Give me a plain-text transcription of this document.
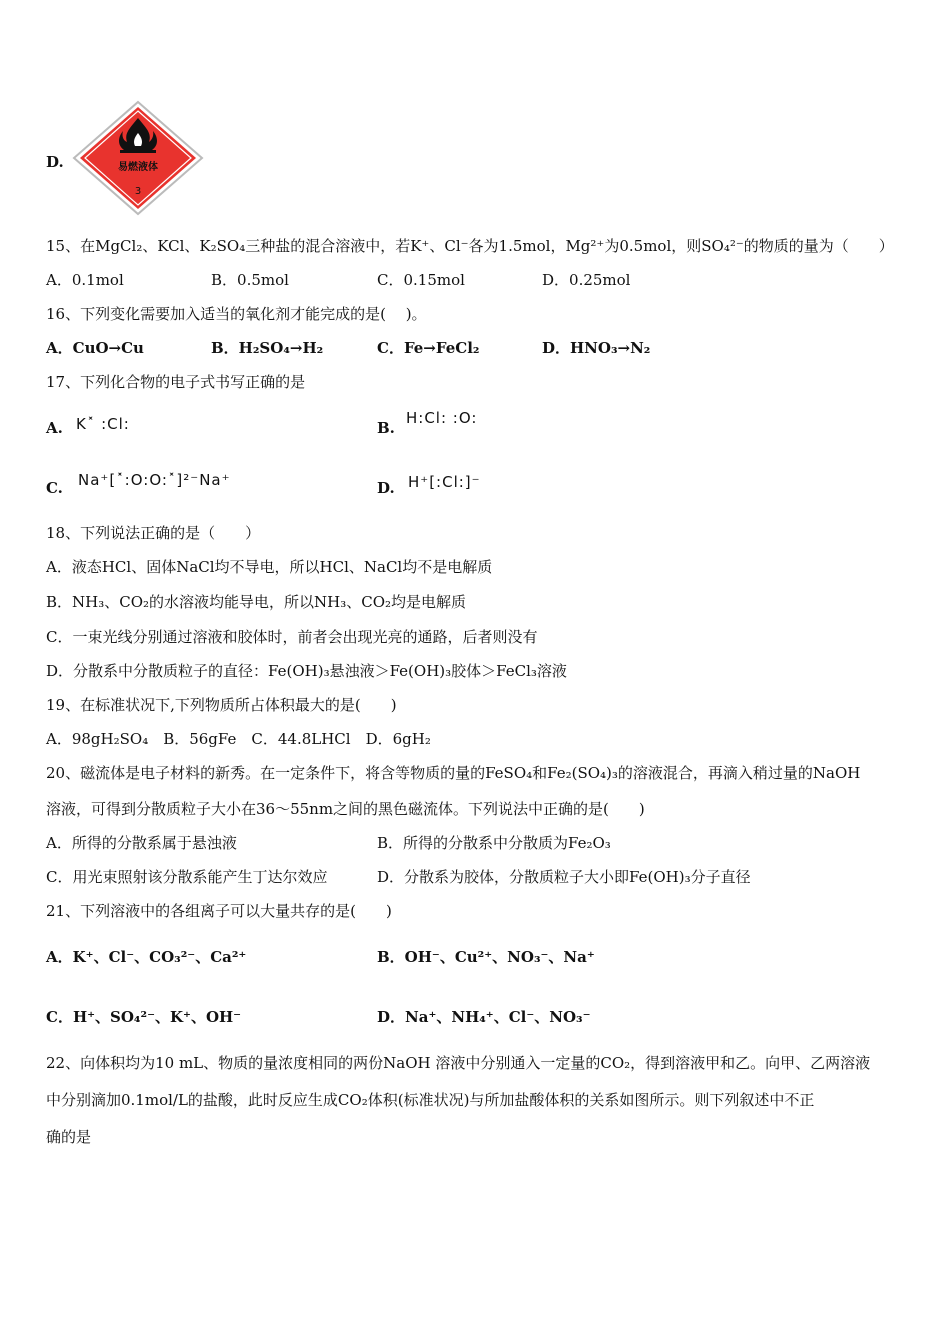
D.	易燃液体
3
15、在MgCl₂、KCl、K₂SO₄三种盐的混合溶液中，若K⁺、Cl⁻各为1.5mol，Mg²⁺为0.5mol，则SO₄²⁻的物质的量为（　　）
A．0.1mol	B．0.5mol	C．0.15mol	D．0.25mol
16、下列变化需要加入适当的氧化剂才能完成的是(　 )。
A．CuO→Cu	B．H₂SO₄→H₂	C．Fe→FeCl₂	D．HNO₃→N₂
17、下列化合物的电子式书写正确的是
A. K˟ :Cl:	B.
H:Cl: :O:
C. Na⁺[˟:O:O:˟]²⁻Na⁺	D. H⁺[:Cl:]⁻
18、下列说法正确的是（　　）
A．液态HCl、固体NaCl均不导电，所以HCl、NaCl均不是电解质
B．NH₃、CO₂的水溶液均能导电，所以NH₃、CO₂均是电解质
C．一束光线分别通过溶液和胶体时，前者会出现光亮的通路，后者则没有
D．分散系中分散质粒子的直径：Fe(OH)₃悬浊液＞Fe(OH)₃胶体＞FeCl₃溶液
19、在标准状况下,下列物质所占体积最大的是(　　)
A．98gH₂SO₄　B．56gFe　C．44.8LHCl　D．6gH₂
20、磁流体是电子材料的新秀。在一定条件下，将含等物质的量的FeSO₄和Fe₂(SO₄)₃的溶液混合，再滴入稍过量的NaOH
溶液，可得到分散质粒子大小在36～55nm之间的黑色磁流体。下列说法中正确的是(　　)
A．所得的分散系属于悬浊液	B．所得的分散系中分散质为Fe₂O₃
C．用光束照射该分散系能产生丁达尔效应	D．分散系为胶体，分散质粒子大小即Fe(OH)₃分子直径
21、下列溶液中的各组离子可以大量共存的是(　　)
A．K⁺、Cl⁻、CO₃²⁻、Ca²⁺	B．OH⁻、Cu²⁺、NO₃⁻、Na⁺
C．H⁺、SO₄²⁻、K⁺、OH⁻	D．Na⁺、NH₄⁺、Cl⁻、NO₃⁻
22、向体积均为10 mL、物质的量浓度相同的两份NaOH 溶液中分别通入一定量的CO₂，得到溶液甲和乙。向甲、乙两溶液
中分别滴加0.1mol/L的盐酸，此时反应生成CO₂体积(标准状况)与所加盐酸体积的关系如图所示。则下列叙述中不正
确的是
